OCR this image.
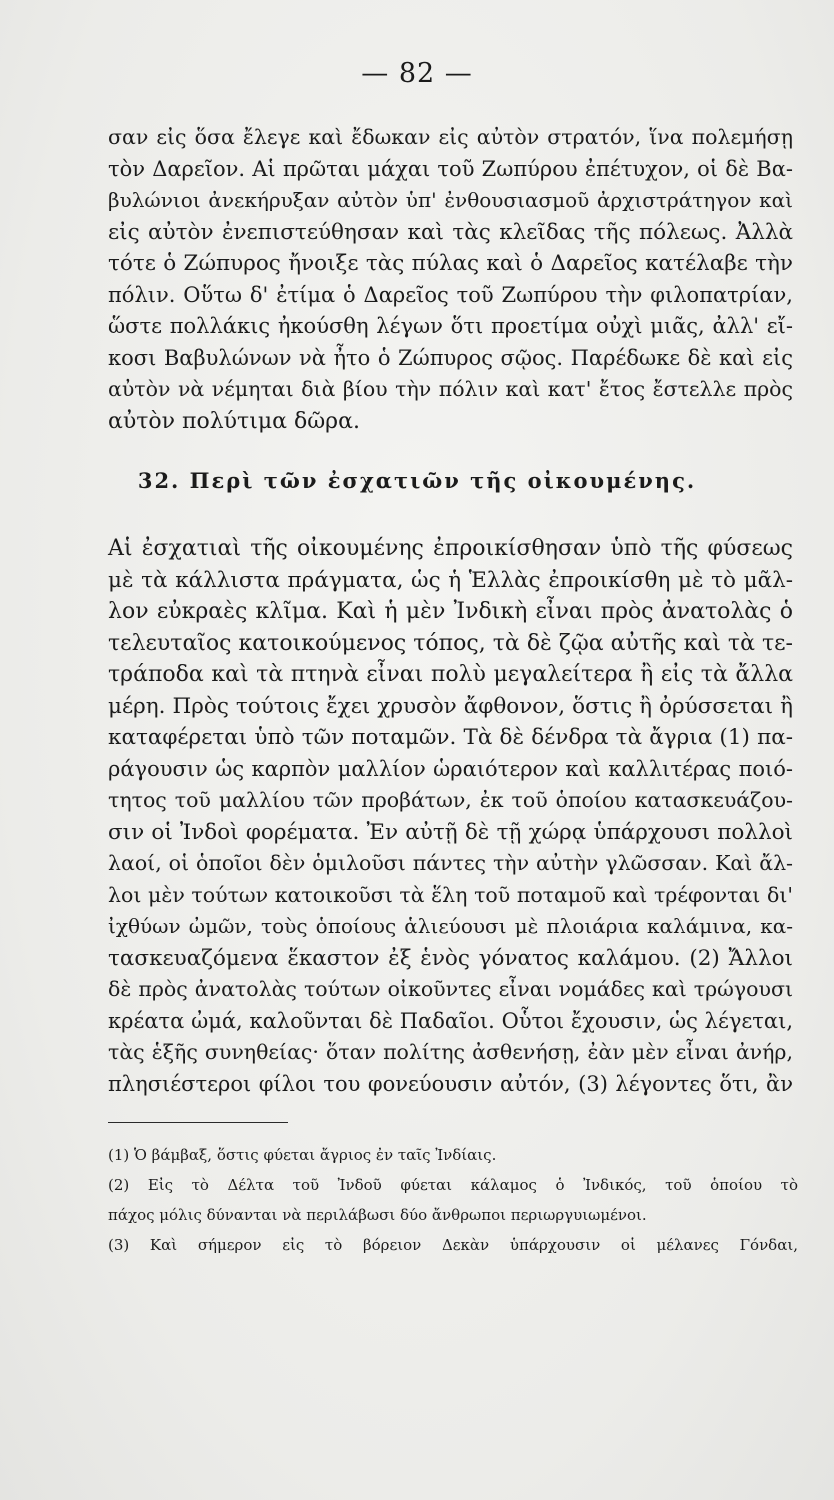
— 82 —
σαν εἰς ὅσα ἔλεγε καὶ ἔδωκαν εἰς αὐτὸν στρατόν, ἵνα πολεμήσῃ
τὸν Δαρεῖον. Αἱ πρῶται μάχαι τοῦ Ζωπύρου ἐπέτυχον, οἱ δὲ Βα-
βυλώνιοι ἀνεκήρυξαν αὐτὸν ὑπ' ἐνθουσιασμοῦ ἀρχιστράτηγον καὶ
εἰς αὐτὸν ἐνεπιστεύθησαν καὶ τὰς κλεῖδας τῆς πόλεως. Ἀλλὰ
τότε ὁ Ζώπυρος ἤνοιξε τὰς πύλας καὶ ὁ Δαρεῖος κατέλαβε τὴν
πόλιν. Οὕτω δ' ἐτίμα ὁ Δαρεῖος τοῦ Ζωπύρου τὴν φιλοπατρίαν,
ὥστε πολλάκις ἠκούσθη λέγων ὅτι προετίμα οὐχὶ μιᾶς, ἀλλ' εἴ-
κοσι Βαβυλώνων νὰ ἦτο ὁ Ζώπυρος σῷος. Παρέδωκε δὲ καὶ εἰς
αὐτὸν νὰ νέμηται διὰ βίου τὴν πόλιν καὶ κατ' ἔτος ἔστελλε πρὸς
αὐτὸν πολύτιμα δῶρα.
32. Περὶ τῶν ἐσχατιῶν τῆς οἰκουμένης.
Αἱ ἐσχατιαὶ τῆς οἰκουμένης ἐπροικίσθησαν ὑπὸ τῆς φύσεως
μὲ τὰ κάλλιστα πράγματα, ὡς ἡ Ἑλλὰς ἐπροικίσθη μὲ τὸ μᾶλ-
λον εὐκραὲς κλῖμα. Καὶ ἡ μὲν Ἰνδικὴ εἶναι πρὸς ἀνατολὰς ὁ
τελευταῖος κατοικούμενος τόπος, τὰ δὲ ζῷα αὐτῆς καὶ τὰ τε-
τράποδα καὶ τὰ πτηνὰ εἶναι πολὺ μεγαλείτερα ἢ εἰς τὰ ἄλλα
μέρη. Πρὸς τούτοις ἔχει χρυσὸν ἄφθονον, ὅστις ἢ ὀρύσσεται ἢ
καταφέρεται ὑπὸ τῶν ποταμῶν. Τὰ δὲ δένδρα τὰ ἄγρια (1) πα-
ράγουσιν ὡς καρπὸν μαλλίον ὡραιότερον καὶ καλλιτέρας ποιό-
τητος τοῦ μαλλίου τῶν προβάτων, ἐκ τοῦ ὁποίου κατασκευάζου-
σιν οἱ Ἰνδοὶ φορέματα. Ἐν αὐτῇ δὲ τῇ χώρᾳ ὑπάρχουσι πολλοὶ
λαοί, οἱ ὁποῖοι δὲν ὁμιλοῦσι πάντες τὴν αὐτὴν γλῶσσαν. Καὶ ἄλ-
λοι μὲν τούτων κατοικοῦσι τὰ ἕλη τοῦ ποταμοῦ καὶ τρέφονται δι'
ἰχθύων ὠμῶν, τοὺς ὁποίους ἁλιεύουσι μὲ πλοιάρια καλάμινα, κα-
τασκευαζόμενα ἕκαστον ἐξ ἑνὸς γόνατος καλάμου. (2) Ἄλλοι
δὲ πρὸς ἀνατολὰς τούτων οἰκοῦντες εἶναι νομάδες καὶ τρώγουσι
κρέατα ὠμά, καλοῦνται δὲ Παδαῖοι. Οὗτοι ἔχουσιν, ὡς λέγεται,
τὰς ἑξῆς συνηθείας· ὅταν πολίτης ἀσθενήσῃ, ἐὰν μὲν εἶναι ἀνήρ,
πλησιέστεροι φίλοι του φονεύουσιν αὐτόν, (3) λέγοντες ὅτι, ἂν
(1) Ὁ βάμβαξ, ὅστις φύεται ἄγριος ἐν ταῖς Ἰνδίαις.
(2) Εἰς τὸ Δέλτα τοῦ Ἰνδοῦ φύεται κάλαμος ὁ Ἰνδικός, τοῦ ὁποίου τὸ
πάχος μόλις δύνανται νὰ περιλάβωσι δύο ἄνθρωποι περιωργυιωμένοι.
(3) Καὶ σήμερον εἰς τὸ βόρειον Δεκὰν ὑπάρχουσιν οἱ μέλανες Γόνδαι,
